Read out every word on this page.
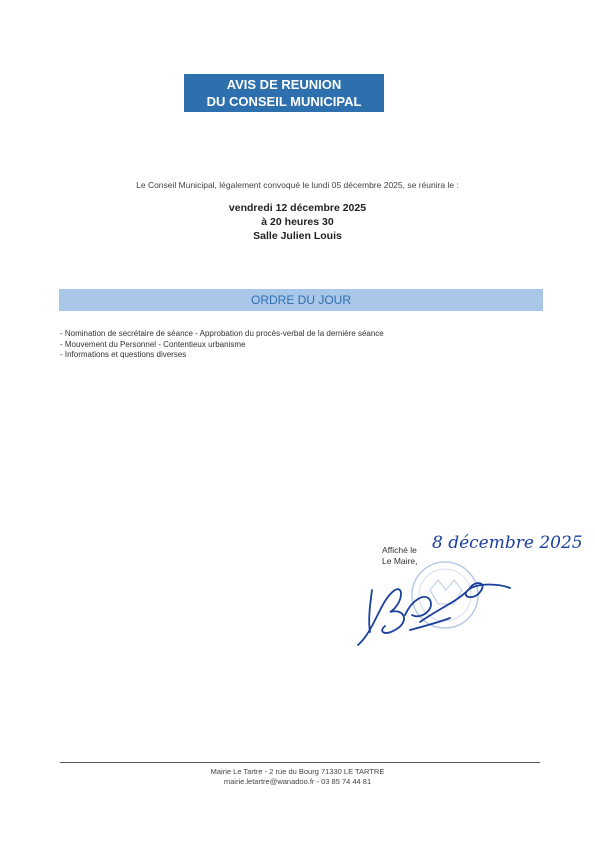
AVIS DE REUNION
DU CONSEIL MUNICIPAL
Le Conseil Municipal, légalement convoqué le lundi 05 décembre 2025, se réunira le :
vendredi 12 décembre 2025
à 20 heures 30
Salle Julien Louis
ORDRE DU JOUR
- Nomination de secrétaire de séance - Approbation du procès-verbal de la dernière séance
- Mouvement du Personnel - Contentieux urbanisme
- Informations et questions diverses
Affiché le
Le Maire,
8 décembre 2025
Mairie Le Tartre - 2 rue du Bourg 71330 LE TARTRE
mairie.letartre@wanadoo.fr - 03 85 74 44 81
